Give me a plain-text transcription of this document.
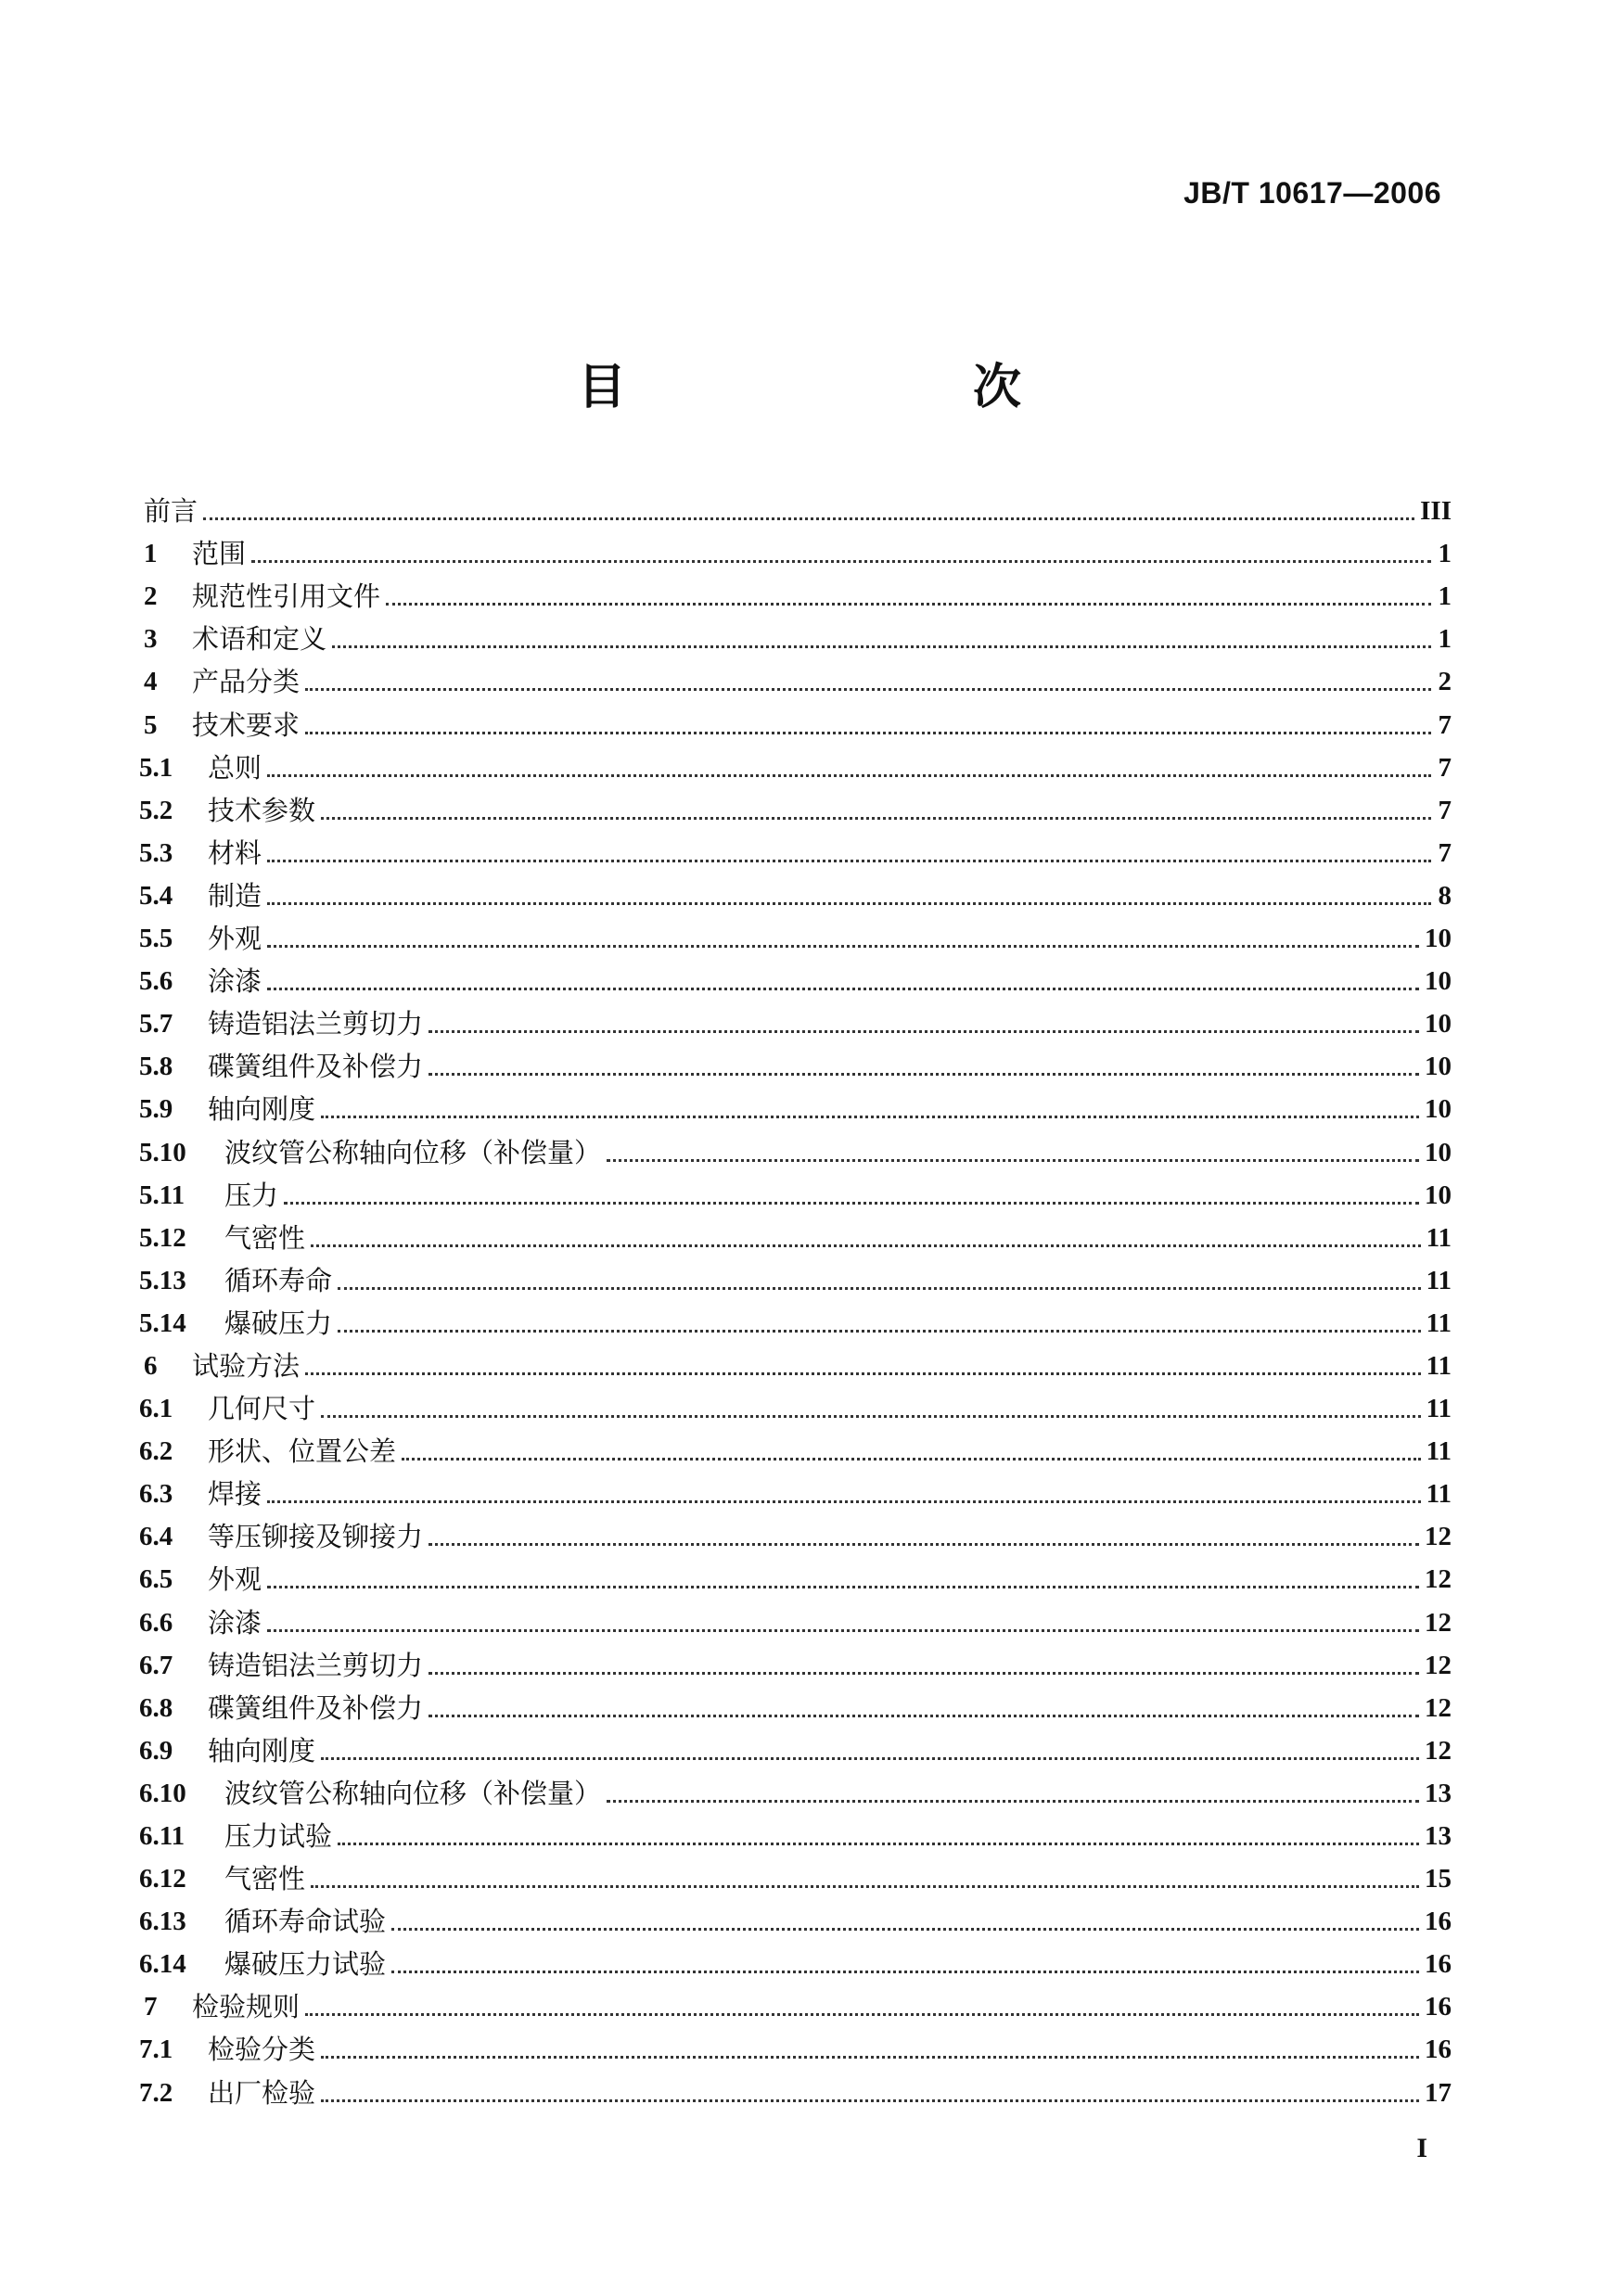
JB/T 10617—2006
目　　次
前言	III
1	范围	1
2	规范性引用文件	1
3	术语和定义	1
4	产品分类	2
5	技术要求	7
5.1	总则	7
5.2	技术参数	7
5.3	材料	7
5.4	制造	8
5.5	外观	10
5.6	涂漆	10
5.7	铸造铝法兰剪切力	10
5.8	碟簧组件及补偿力	10
5.9	轴向刚度	10
5.10	波纹管公称轴向位移（补偿量）	10
5.11	压力	10
5.12	气密性	11
5.13	循环寿命	11
5.14	爆破压力	11
6	试验方法	11
6.1	几何尺寸	11
6.2	形状、位置公差	11
6.3	焊接	11
6.4	等压铆接及铆接力	12
6.5	外观	12
6.6	涂漆	12
6.7	铸造铝法兰剪切力	12
6.8	碟簧组件及补偿力	12
6.9	轴向刚度	12
6.10	波纹管公称轴向位移（补偿量）	13
6.11	压力试验	13
6.12	气密性	15
6.13	循环寿命试验	16
6.14	爆破压力试验	16
7	检验规则	16
7.1	检验分类	16
7.2	出厂检验	17
I
